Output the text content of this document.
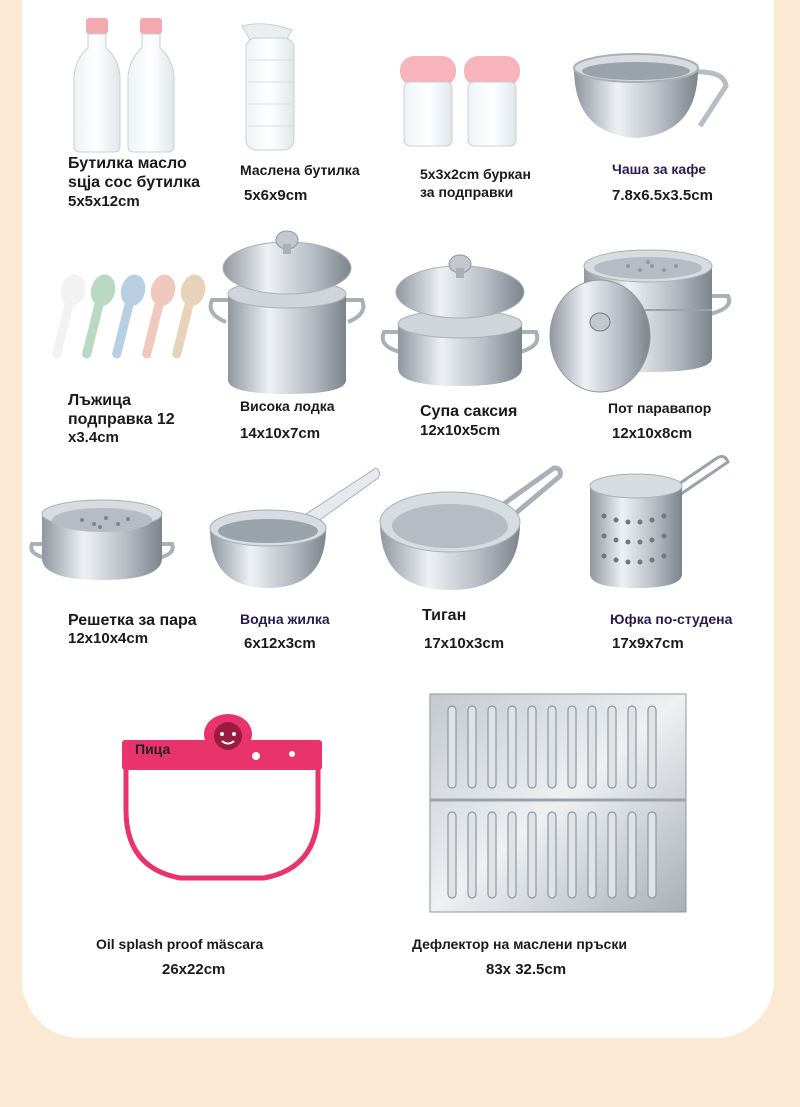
Бутилка масло
sцja coc бутилка
5x5x12cm
Маслена бутилка
5x6x9cm
5x3x2cm буркан
за подправки
Чаша за кафе
7.8x6.5x3.5cm
Лъжица
подправка 12
x3.4cm
Висока лодка
14x10x7cm
Супа саксия
12x10x5cm
Пот паравапор
12x10x8cm
Решетка за пара
12x10x4cm
Водна жилка
6x12x3cm
Тиган
17x10x3cm
Юфка по-студена
17x9x7cm
Пица
Oil splash proof mäscara
26x22cm
Дефлектор на маслени пръски
83x 32.5cm
